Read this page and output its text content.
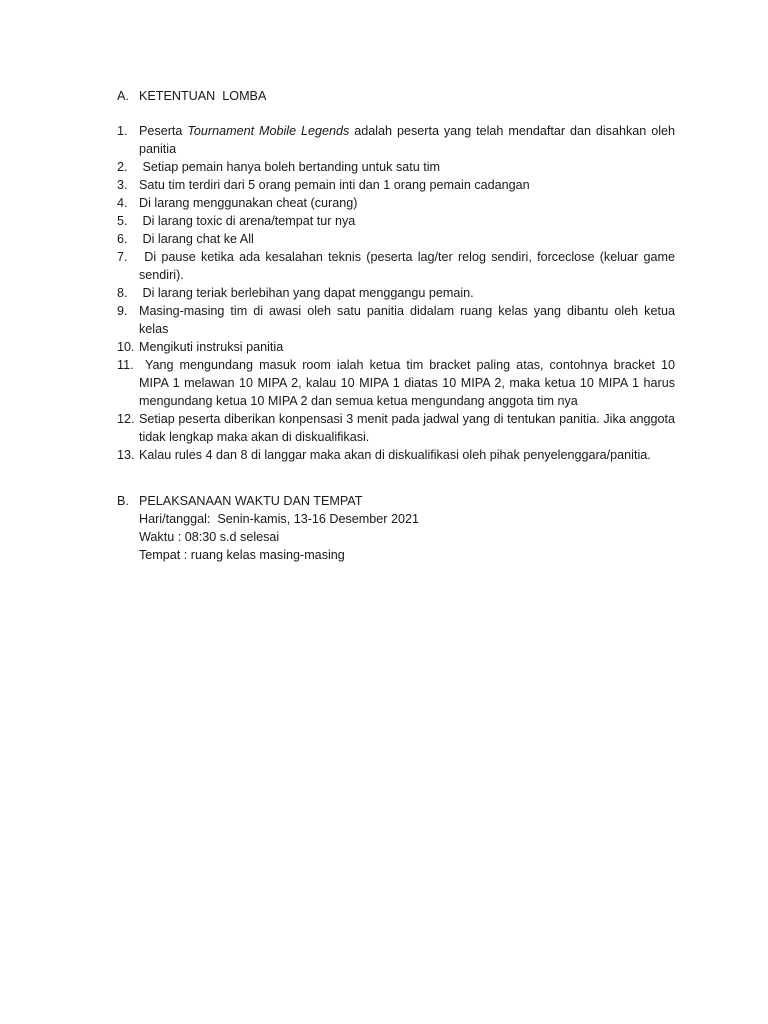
A. KETENTUAN  LOMBA
1. Peserta Tournament Mobile Legends adalah peserta yang telah mendaftar dan disahkan oleh panitia
2. Setiap pemain hanya boleh bertanding untuk satu tim
3. Satu tim terdiri dari 5 orang pemain inti dan 1 orang pemain cadangan
4. Di larang menggunakan cheat (curang)
5. Di larang toxic di arena/tempat tur nya
6. Di larang chat ke All
7. Di pause ketika ada kesalahan teknis (peserta lag/ter relog sendiri, forceclose (keluar game sendiri).
8. Di larang teriak berlebihan yang dapat menggangu pemain.
9. Masing-masing tim di awasi oleh satu panitia didalam ruang kelas yang dibantu oleh ketua kelas
10. Mengikuti instruksi panitia
11. Yang mengundang masuk room ialah ketua tim bracket paling atas, contohnya bracket 10 MIPA 1 melawan 10 MIPA 2, kalau 10 MIPA 1 diatas 10 MIPA 2, maka ketua 10 MIPA 1 harus mengundang ketua 10 MIPA 2 dan semua ketua mengundang anggota tim nya
12. Setiap peserta diberikan konpensasi 3 menit pada jadwal yang di tentukan panitia. Jika anggota tidak lengkap maka akan di diskualifikasi.
13. Kalau rules 4 dan 8 di langgar maka akan di diskualifikasi oleh pihak penyelenggara/panitia.
B. PELAKSANAAN WAKTU DAN TEMPAT
Hari/tanggal:  Senin-kamis, 13-16 Desember 2021
Waktu : 08:30 s.d selesai
Tempat : ruang kelas masing-masing
